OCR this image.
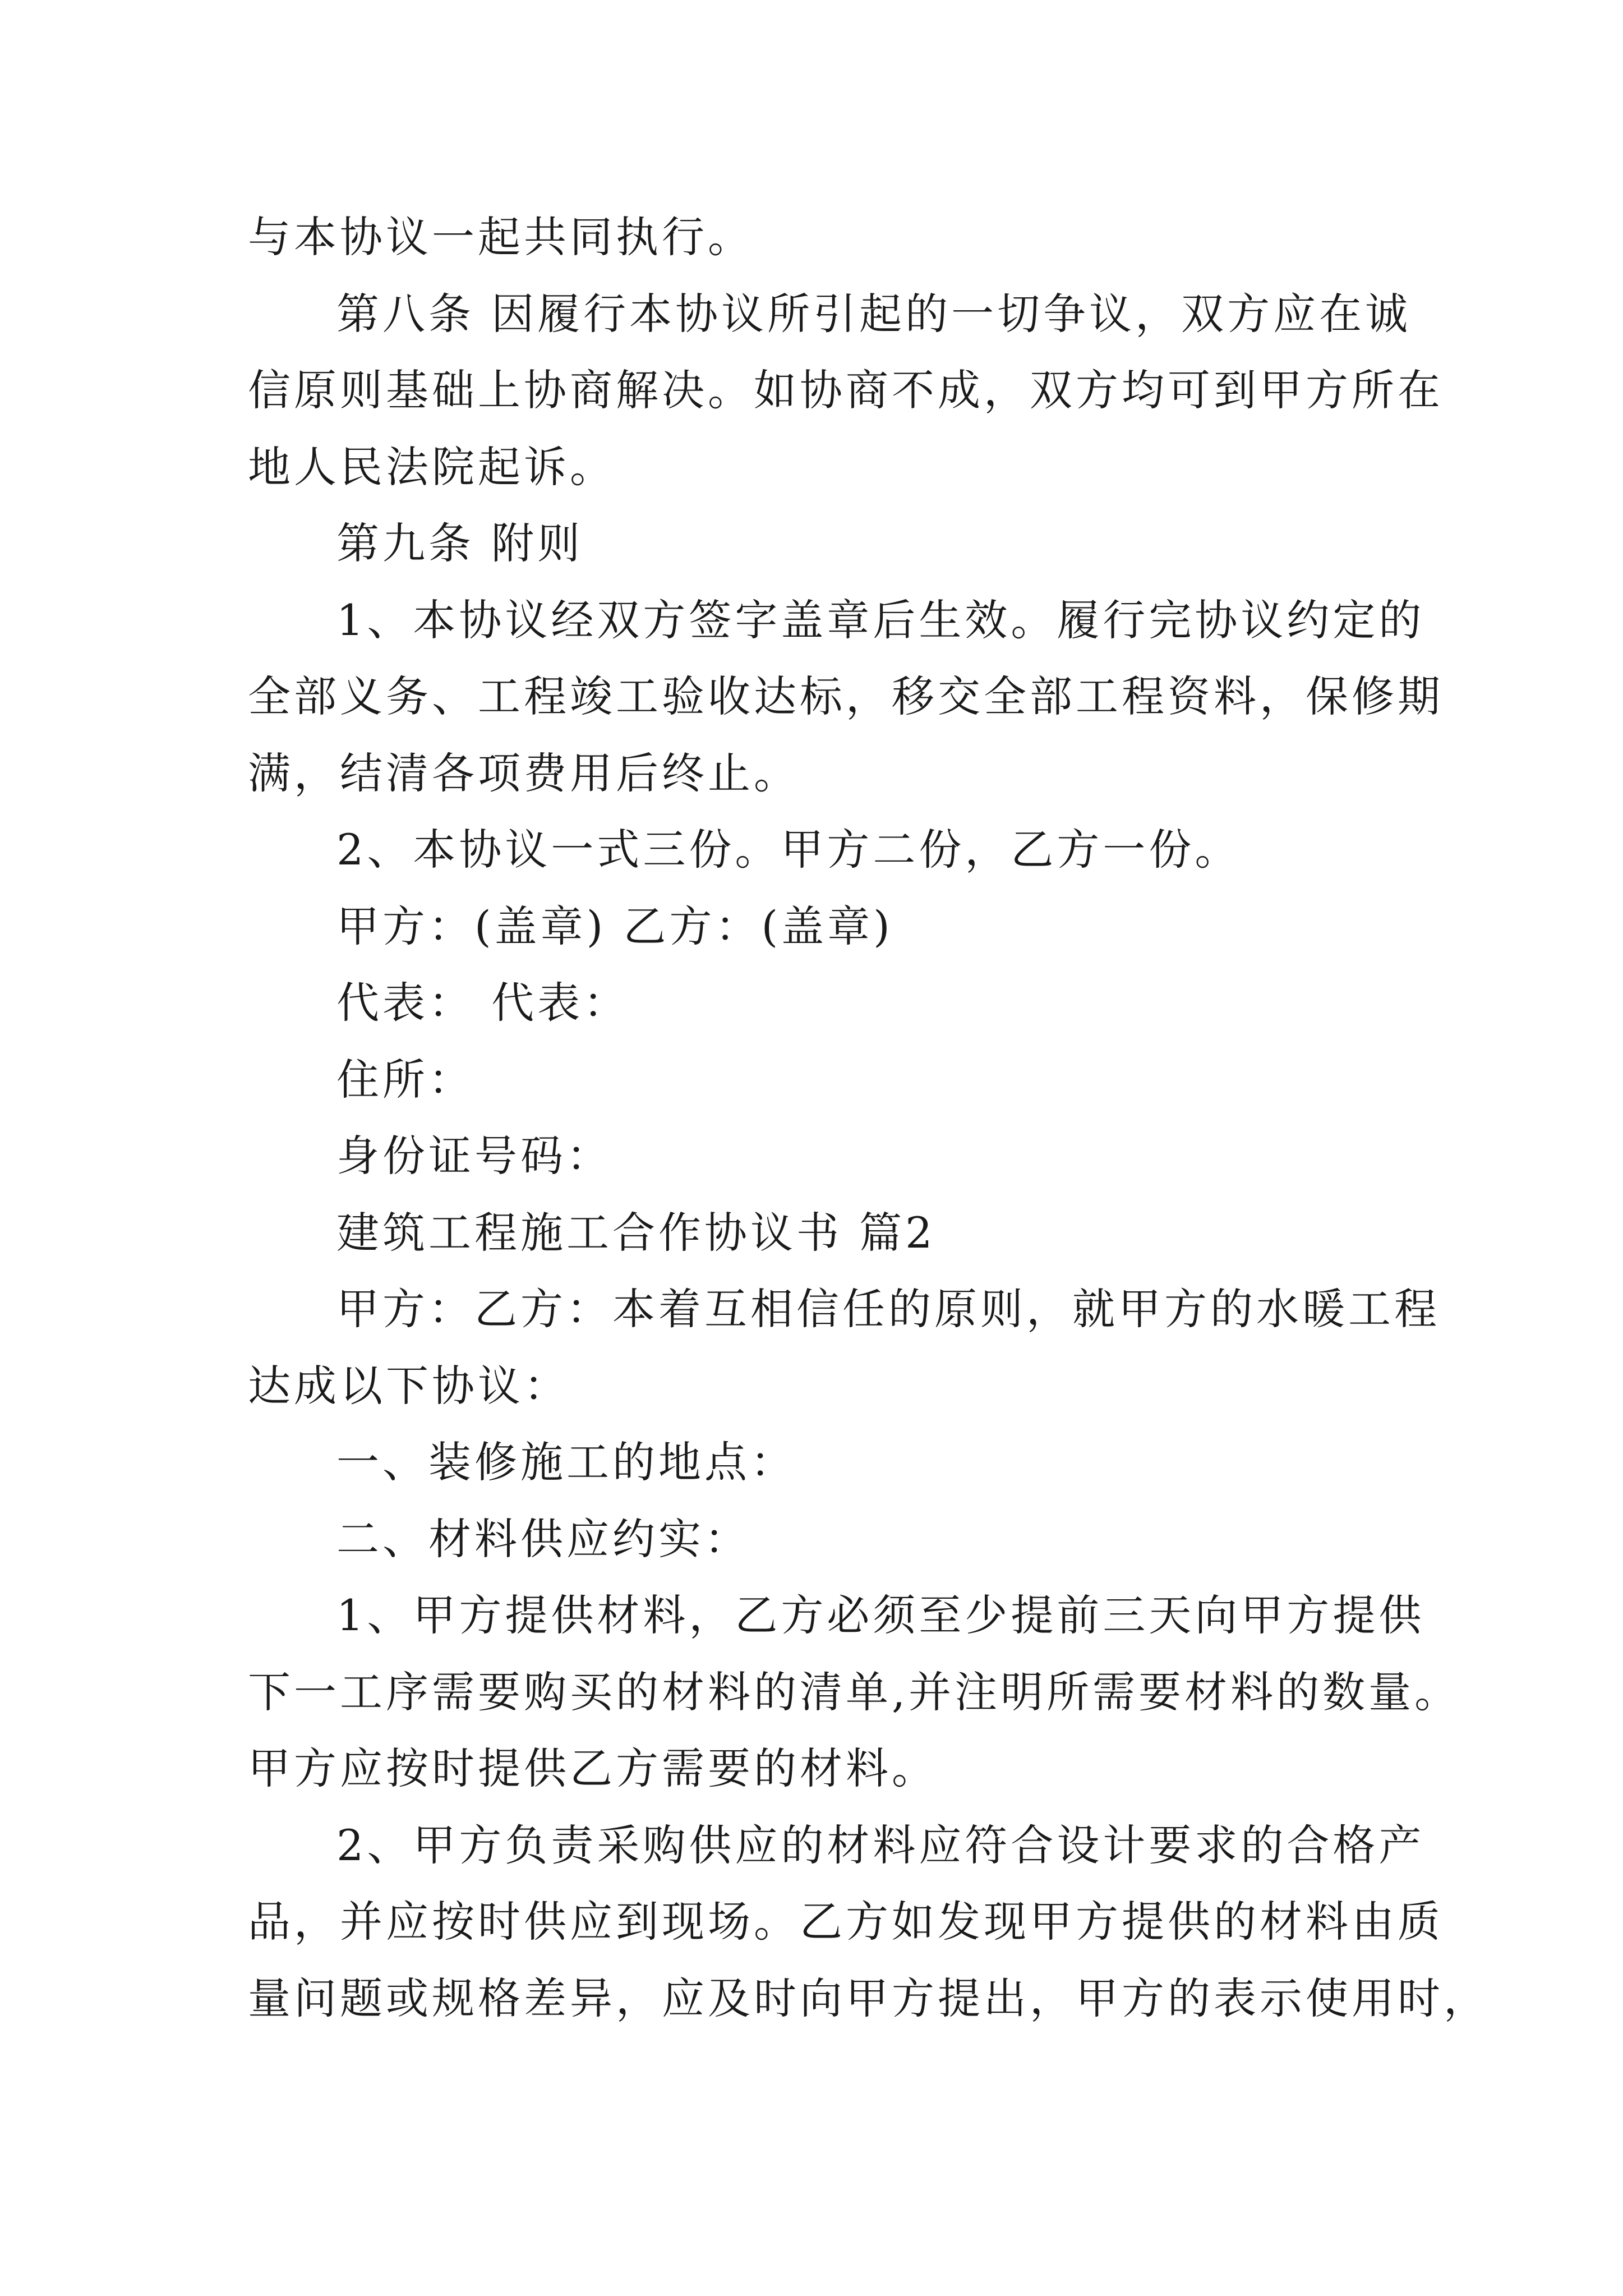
与本协议一起共同执行。
第八条 因履行本协议所引起的一切争议，双方应在诚
信原则基础上协商解决。如协商不成，双方均可到甲方所在
地人民法院起诉。
第九条 附则
1、本协议经双方签字盖章后生效。履行完协议约定的
全部义务、工程竣工验收达标，移交全部工程资料，保修期
满，结清各项费用后终止。
2、本协议一式三份。甲方二份，乙方一份。
甲方：(盖章) 乙方：(盖章)
代表： 代表：
住所：
身份证号码：
建筑工程施工合作协议书 篇2
甲方：乙方：本着互相信任的原则，就甲方的水暖工程
达成以下协议：
一、装修施工的地点：
二、材料供应约实：
1、甲方提供材料，乙方必须至少提前三天向甲方提供
下一工序需要购买的材料的清单,并注明所需要材料的数量。
甲方应按时提供乙方需要的材料。
2、甲方负责采购供应的材料应符合设计要求的合格产
品，并应按时供应到现场。乙方如发现甲方提供的材料由质
量问题或规格差异，应及时向甲方提出，甲方的表示使用时，
